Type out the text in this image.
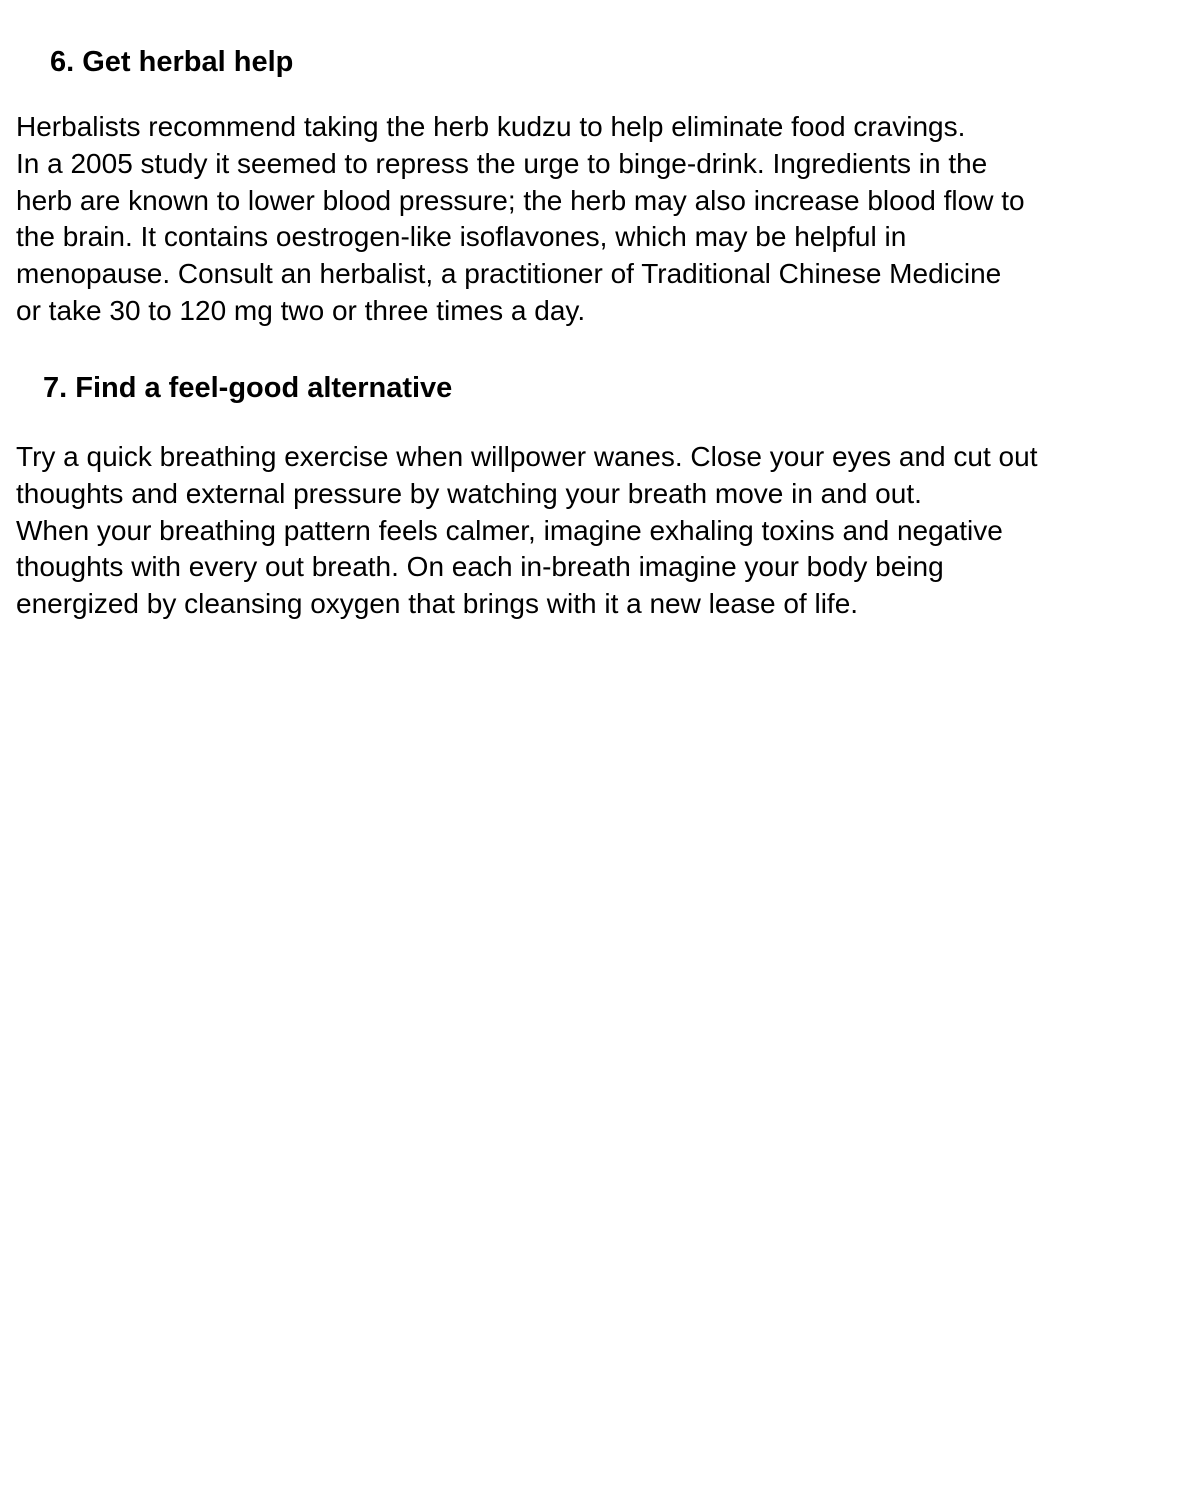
6. Get herbal help

Herbalists recommend taking the herb kudzu to help eliminate food cravings.
In a 2005 study it seemed to repress the urge to binge-drink. Ingredients in the
herb are known to lower blood pressure; the herb may also increase blood flow to
the brain. It contains oestrogen-like isoflavones, which may be helpful in
menopause. Consult an herbalist, a practitioner of Traditional Chinese Medicine
or take 30 to 120 mg two or three times a day.

7. Find a feel-good alternative

Try a quick breathing exercise when willpower wanes. Close your eyes and cut out
thoughts and external pressure by watching your breath move in and out.
When your breathing pattern feels calmer, imagine exhaling toxins and negative
thoughts with every out breath. On each in-breath imagine your body being
energized by cleansing oxygen that brings with it a new lease of life.
